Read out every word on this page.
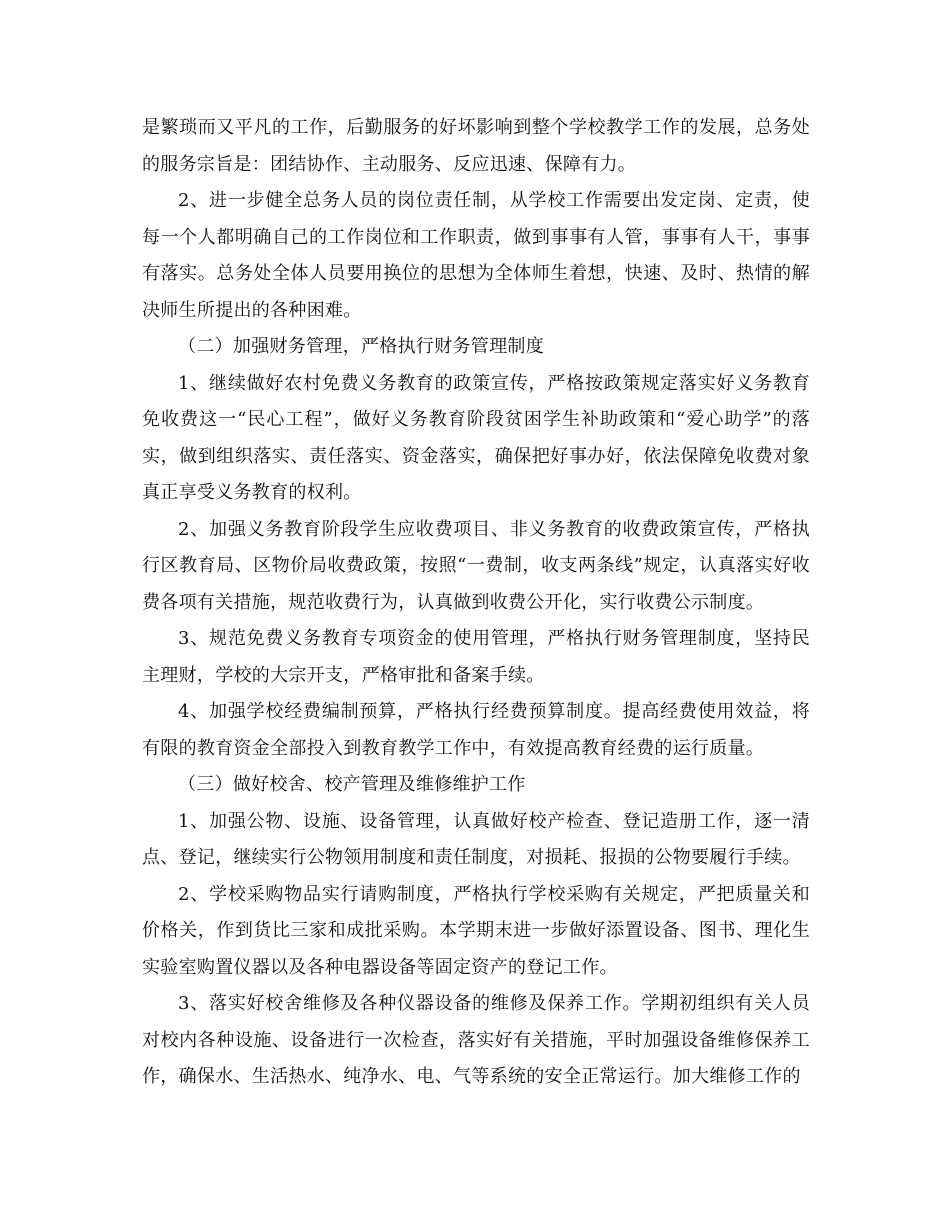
是繁琐而又平凡的工作，后勤服务的好坏影响到整个学校教学工作的发展，总务处的服务宗旨是：团结协作、主动服务、反应迅速、保障有力。

2、进一步健全总务人员的岗位责任制，从学校工作需要出发定岗、定责，使每一个人都明确自己的工作岗位和工作职责，做到事事有人管，事事有人干，事事有落实。总务处全体人员要用换位的思想为全体师生着想，快速、及时、热情的解决师生所提出的各种困难。

（二）加强财务管理，严格执行财务管理制度

1、继续做好农村免费义务教育的政策宣传，严格按政策规定落实好义务教育免收费这一“民心工程”，做好义务教育阶段贫困学生补助政策和“爱心助学”的落实，做到组织落实、责任落实、资金落实，确保把好事办好，依法保障免收费对象真正享受义务教育的权利。

2、加强义务教育阶段学生应收费项目、非义务教育的收费政策宣传，严格执行区教育局、区物价局收费政策，按照“一费制，收支两条线”规定，认真落实好收费各项有关措施，规范收费行为，认真做到收费公开化，实行收费公示制度。

3、规范免费义务教育专项资金的使用管理，严格执行财务管理制度，坚持民主理财，学校的大宗开支，严格审批和备案手续。

4、加强学校经费编制预算，严格执行经费预算制度。提高经费使用效益，将有限的教育资金全部投入到教育教学工作中，有效提高教育经费的运行质量。

（三）做好校舍、校产管理及维修维护工作

1、加强公物、设施、设备管理，认真做好校产检查、登记造册工作，逐一清点、登记，继续实行公物领用制度和责任制度，对损耗、报损的公物要履行手续。

2、学校采购物品实行请购制度，严格执行学校采购有关规定，严把质量关和价格关，作到货比三家和成批采购。本学期末进一步做好添置设备、图书、理化生实验室购置仪器以及各种电器设备等固定资产的登记工作。

3、落实好校舍维修及各种仪器设备的维修及保养工作。学期初组织有关人员对校内各种设施、设备进行一次检查，落实好有关措施，平时加强设备维修保养工作，确保水、生活热水、纯净水、电、气等系统的安全正常运行。加大维修工作的
